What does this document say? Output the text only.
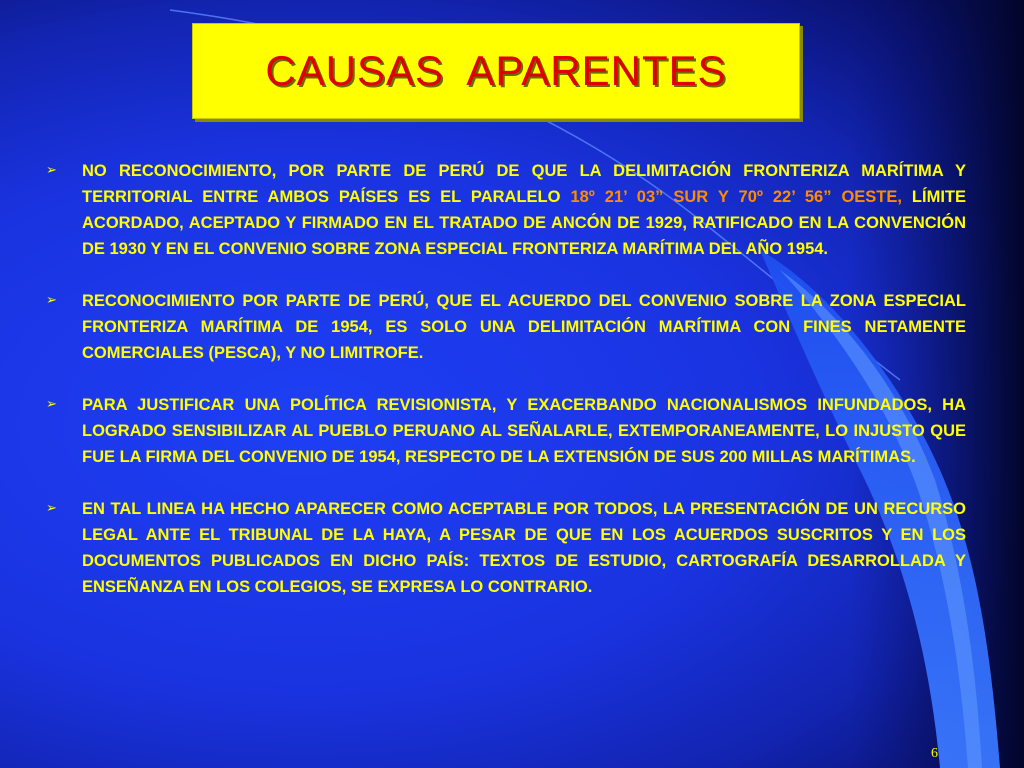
CAUSAS APARENTES
➢ NO RECONOCIMIENTO, POR PARTE DE PERÚ DE QUE LA DELIMITACIÓN FRONTERIZA MARÍTIMA Y TERRITORIAL ENTRE AMBOS PAÍSES ES EL PARALELO 18º 21’ 03” SUR Y 70º 22’ 56” OESTE, LÍMITE ACORDADO, ACEPTADO Y FIRMADO EN EL TRATADO DE ANCÓN DE 1929, RATIFICADO EN LA CONVENCIÓN DE 1930 Y EN EL CONVENIO SOBRE ZONA ESPECIAL FRONTERIZA MARÍTIMA DEL AÑO 1954.
➢ RECONOCIMIENTO POR PARTE DE PERÚ, QUE EL ACUERDO DEL CONVENIO SOBRE LA ZONA ESPECIAL FRONTERIZA MARÍTIMA DE 1954, ES SOLO UNA DELIMITACIÓN MARÍTIMA CON FINES NETAMENTE COMERCIALES (PESCA), Y NO LIMITROFE.
➢ PARA JUSTIFICAR UNA POLÍTICA REVISIONISTA, Y EXACERBANDO NACIONALISMOS INFUNDADOS, HA LOGRADO SENSIBILIZAR AL PUEBLO PERUANO AL SEÑALARLE, EXTEMPORANEAMENTE, LO INJUSTO QUE FUE LA FIRMA DEL CONVENIO DE 1954, RESPECTO DE LA EXTENSIÓN DE SUS 200 MILLAS MARÍTIMAS.
➢ EN TAL LINEA HA HECHO APARECER COMO ACEPTABLE POR TODOS, LA PRESENTACIÓN DE UN RECURSO LEGAL ANTE EL TRIBUNAL DE LA HAYA, A PESAR DE QUE EN LOS ACUERDOS SUSCRITOS Y EN LOS DOCUMENTOS PUBLICADOS EN DICHO PAÍS: TEXTOS DE ESTUDIO, CARTOGRAFÍA DESARROLLADA Y ENSEÑANZA EN LOS COLEGIOS, SE EXPRESA LO CONTRARIO.
6
